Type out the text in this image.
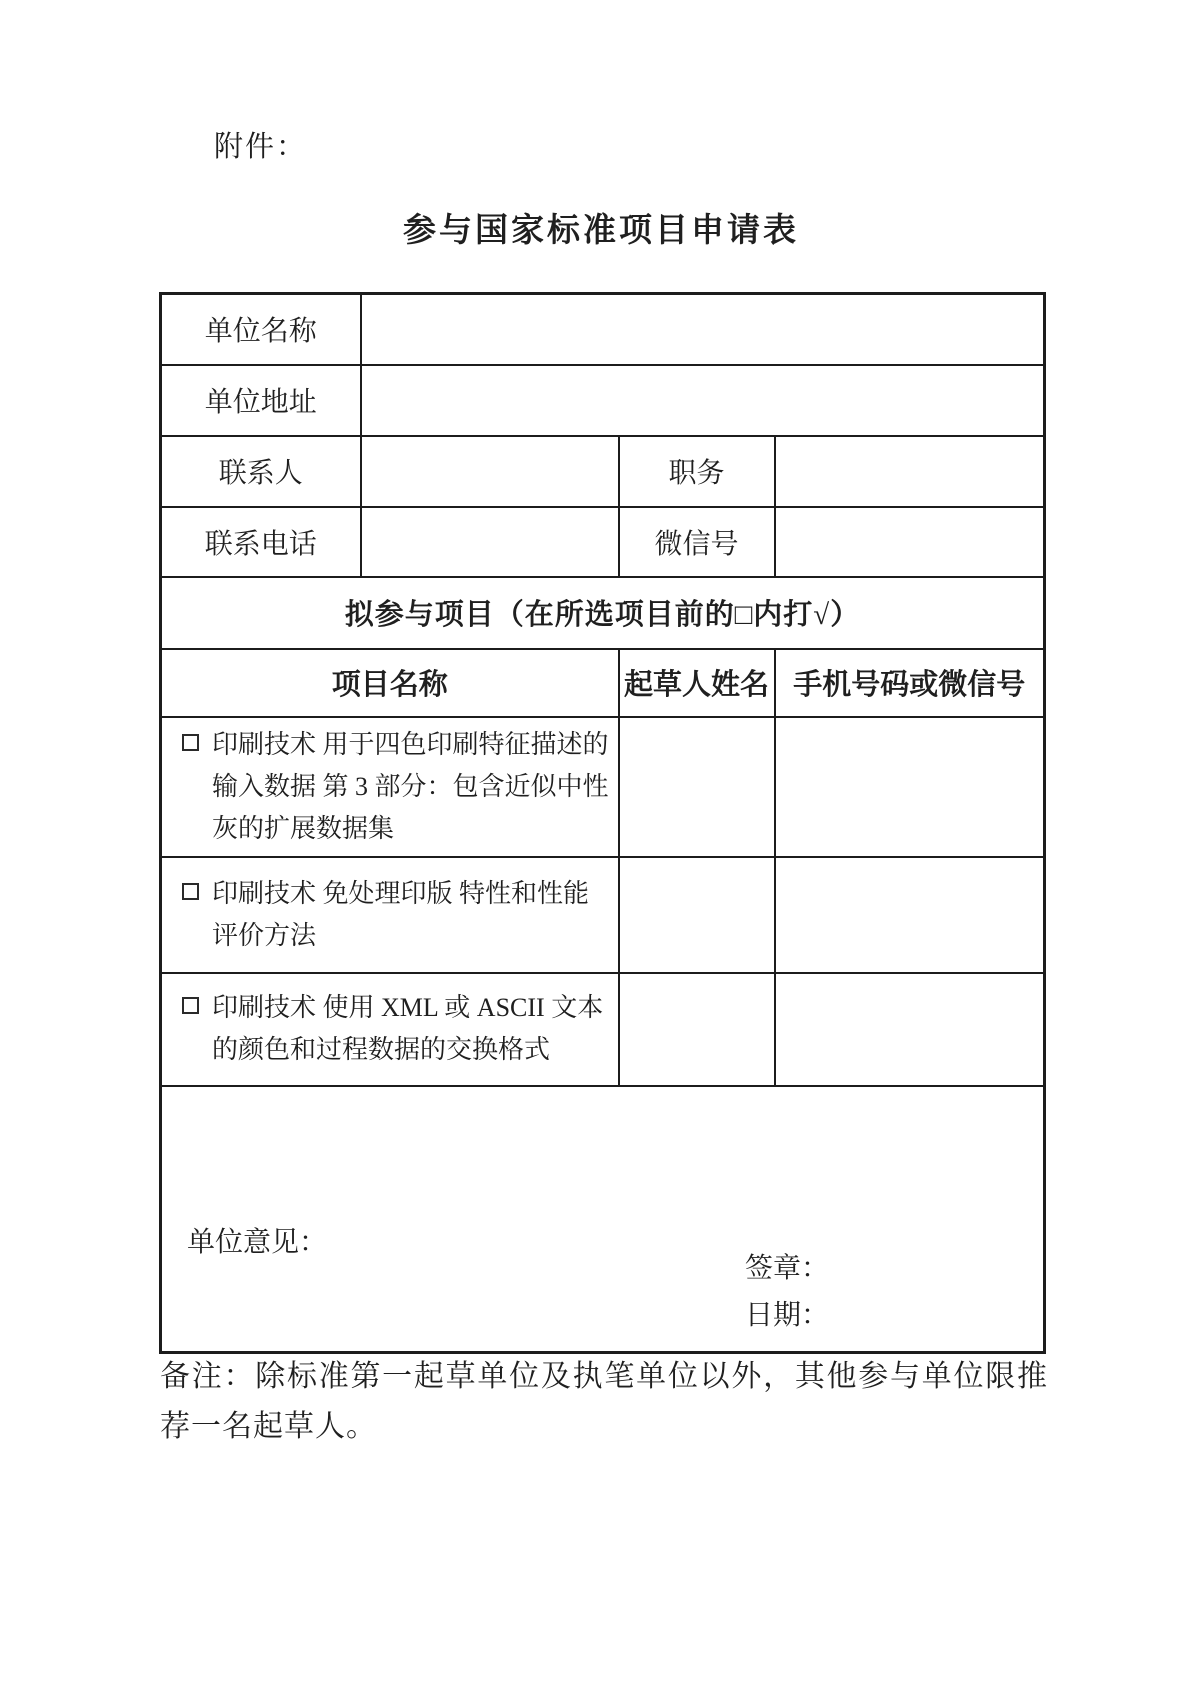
附件：
参与国家标准项目申请表
单位名称			
单位地址			
联系人		职务	
联系电话		微信号	
拟参与项目（在所选项目前的□内打√）			
项目名称		起草人姓名	手机号码或微信号

印刷技术 用于四色印刷特征描述的输入数据 第 3 部分：包含近似中性灰的扩展数据集			

印刷技术 免处理印版 特性和性能评价方法			

印刷技术 使用 XML 或 ASCII 文本的颜色和过程数据的交换格式			

单位意见：
签章：
日期：			

备注：除标准第一起草单位及执笔单位以外，其他参与单位限推荐一名起草人。
